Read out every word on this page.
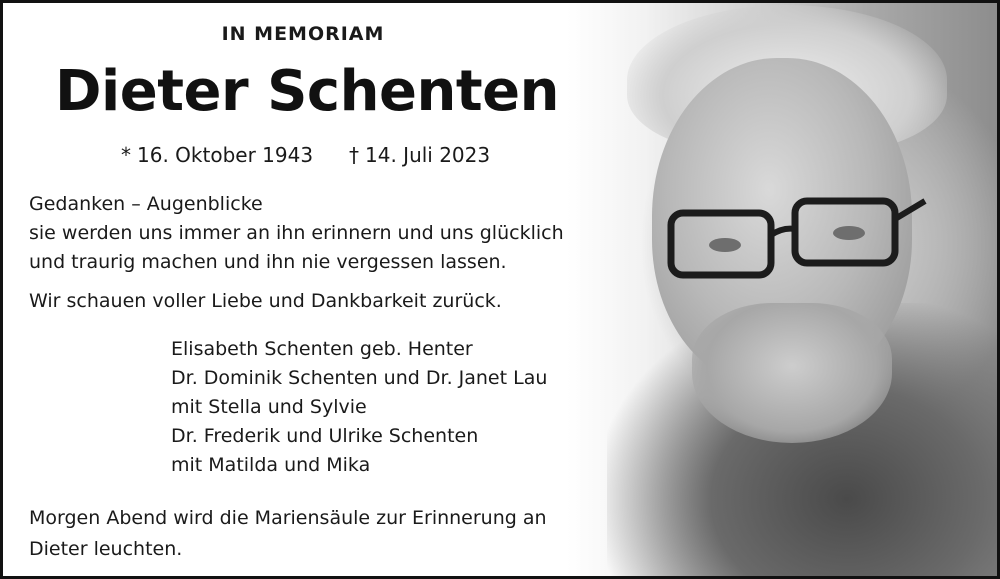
IN MEMORIAM
Dieter Schenten
* 16. Oktober 1943 † 14. Juli 2023

Gedanken – Augenblicke

sie werden uns immer an ihn erinnern und uns glücklich

und traurig machen und ihn nie vergessen lassen.

Wir schauen voller Liebe und Dankbarkeit zurück.

Elisabeth Schenten geb. Henter

Dr. Dominik Schenten und Dr. Janet Lau

mit Stella und Sylvie

Dr. Frederik und Ulrike Schenten

mit Matilda und Mika

Morgen Abend wird die Mariensäule zur Erinnerung an

Dieter leuchten.
